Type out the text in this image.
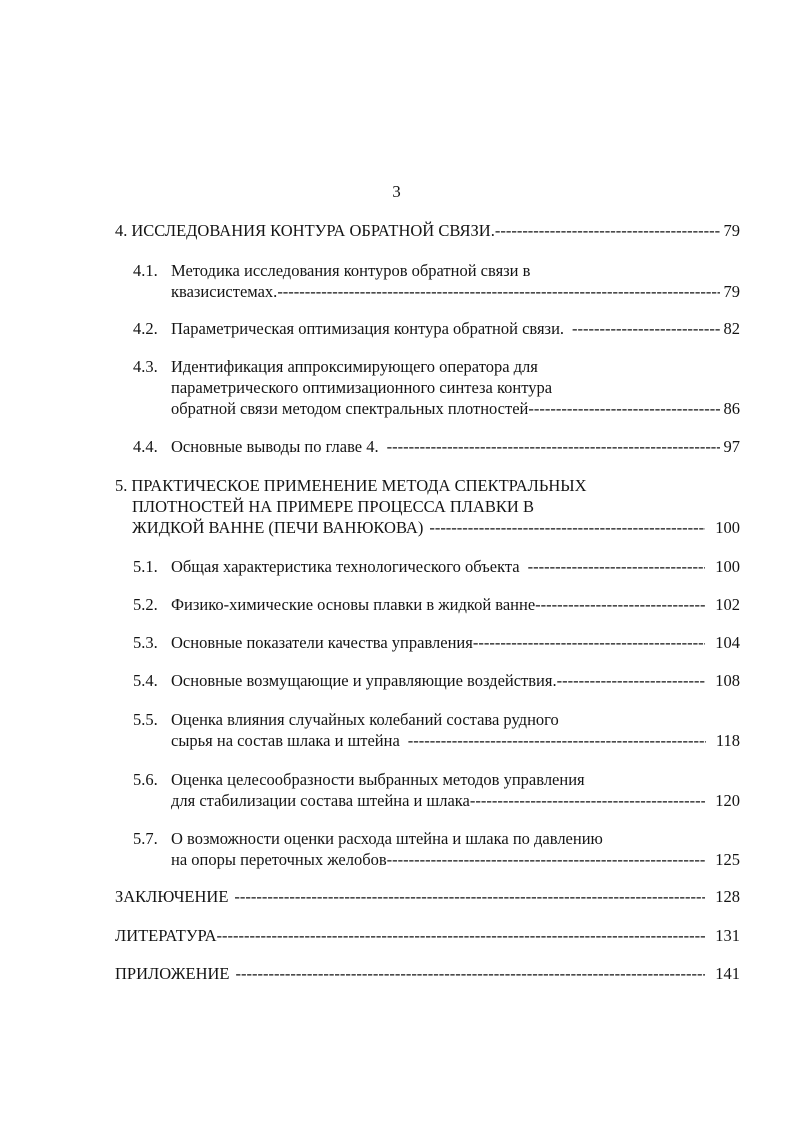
3
4. ИССЛЕДОВАНИЯ КОНТУРА ОБРАТНОЙ СВЯЗИ. -----	79
4.1. Методика исследования контуров обратной связи в
квазисистемах. -----	79
4.2. Параметрическая оптимизация контура обратной связи. -----	82
4.3. Идентификация аппроксимирующего оператора для
параметрического оптимизационного синтеза контура
обратной связи методом спектральных плотностей -----	86
4.4. Основные выводы по главе 4. -----	97
5. ПРАКТИЧЕСКОЕ ПРИМЕНЕНИЕ МЕТОДА СПЕКТРАЛЬНЫХ
ПЛОТНОСТЕЙ НА ПРИМЕРЕ ПРОЦЕССА ПЛАВКИ В
ЖИДКОЙ ВАННЕ (ПЕЧИ ВАНЮКОВА) -----	100
5.1. Общая характеристика технологического объекта -----	100
5.2. Физико-химические основы плавки в жидкой ванне -----	102
5.3. Основные показатели качества управления -----	104
5.4. Основные возмущающие и управляющие воздействия. -----	108
5.5. Оценка влияния случайных колебаний состава рудного
сырья на состав шлака и штейна -----	118
5.6. Оценка целесообразности выбранных методов управления
для стабилизации состава штейна и шлака -----	120
5.7. О возможности оценки расхода штейна и шлака по давлению
на опоры переточных желобов -----	125
ЗАКЛЮЧЕНИЕ -----	128
ЛИТЕРАТУРА -----	131
ПРИЛОЖЕНИЕ -----	141
